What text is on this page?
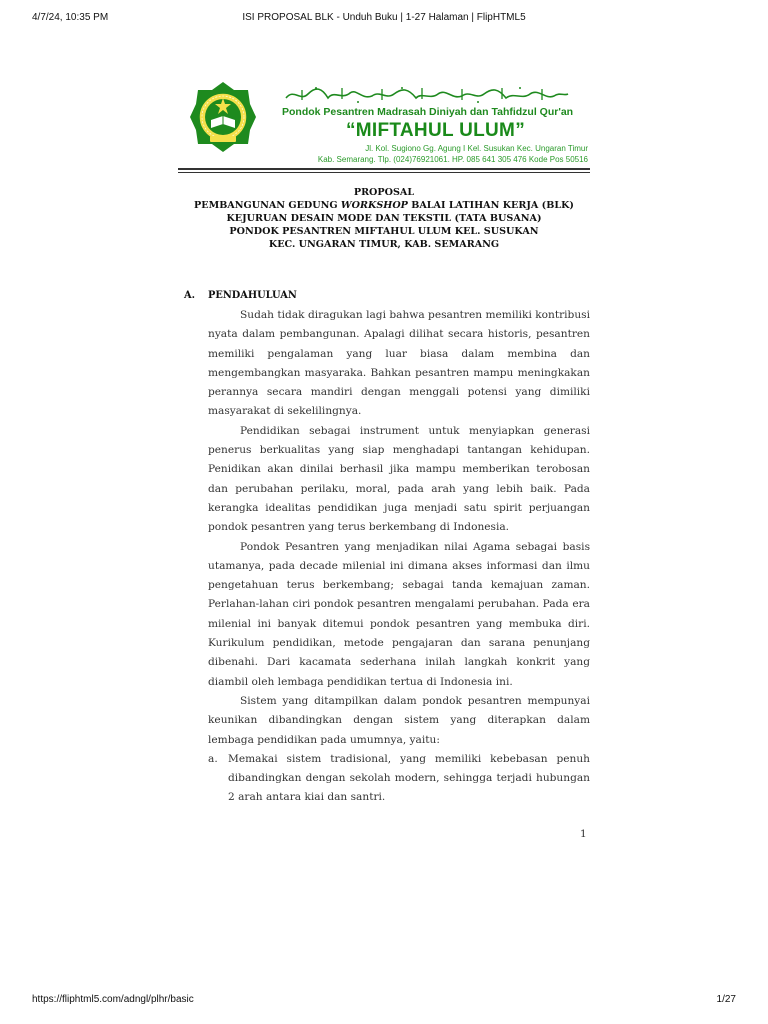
4/7/24, 10:35 PM	ISI PROPOSAL BLK - Unduh Buku | 1-27 Halaman | FlipHTML5
Pondok Pesantren Madrasah Diniyah dan Tahfidzul Qur'an
“MIFTAHUL ULUM”
Jl. Kol. Sugiono Gg. Agung I Kel. Susukan Kec. Ungaran Timur
Kab. Semarang. Tlp. (024)76921061. HP. 085 641 305 476 Kode Pos 50516
PROPOSAL
PEMBANGUNAN GEDUNG WORKSHOP BALAI LATIHAN KERJA (BLK)
KEJURUAN DESAIN MODE DAN TEKSTIL (TATA BUSANA)
PONDOK PESANTREN MIFTAHUL ULUM KEL. SUSUKAN
KEC. UNGARAN TIMUR, KAB. SEMARANG
A. PENDAHULUAN

Sudah tidak diragukan lagi bahwa pesantren memiliki kontribusi nyata dalam pembangunan. Apalagi dilihat secara historis, pesantren memiliki pengalaman yang luar biasa dalam membina dan mengembangkan masyaraka. Bahkan pesantren mampu meningkakan perannya secara mandiri dengan menggali potensi yang dimiliki masyarakat di sekelilingnya.

Pendidikan sebagai instrument untuk menyiapkan generasi penerus berkualitas yang siap menghadapi tantangan kehidupan. Penidikan akan dinilai berhasil jika mampu memberikan terobosan dan perubahan perilaku, moral, pada arah yang lebih baik. Pada kerangka idealitas pendidikan juga menjadi satu spirit perjuangan pondok pesantren yang terus berkembang di Indonesia.

Pondok Pesantren yang menjadikan nilai Agama sebagai basis utamanya, pada decade milenial ini dimana akses informasi dan ilmu pengetahuan terus berkembang; sebagai tanda kemajuan zaman. Perlahan-lahan ciri pondok pesantren mengalami perubahan. Pada era milenial ini banyak ditemui pondok pesantren yang membuka diri. Kurikulum pendidikan, metode pengajaran dan sarana penunjang dibenahi. Dari kacamata sederhana inilah langkah konkrit yang diambil oleh lembaga pendidikan tertua di Indonesia ini.

Sistem yang ditampilkan dalam pondok pesantren mempunyai keunikan dibandingkan dengan sistem yang diterapkan dalam lembaga pendidikan pada umumnya, yaitu:

a. Memakai sistem tradisional, yang memiliki kebebasan penuh dibandingkan dengan sekolah modern, sehingga terjadi hubungan 2 arah antara kiai dan santri.
1
https://fliphtml5.com/adngl/plhr/basic	1/27
